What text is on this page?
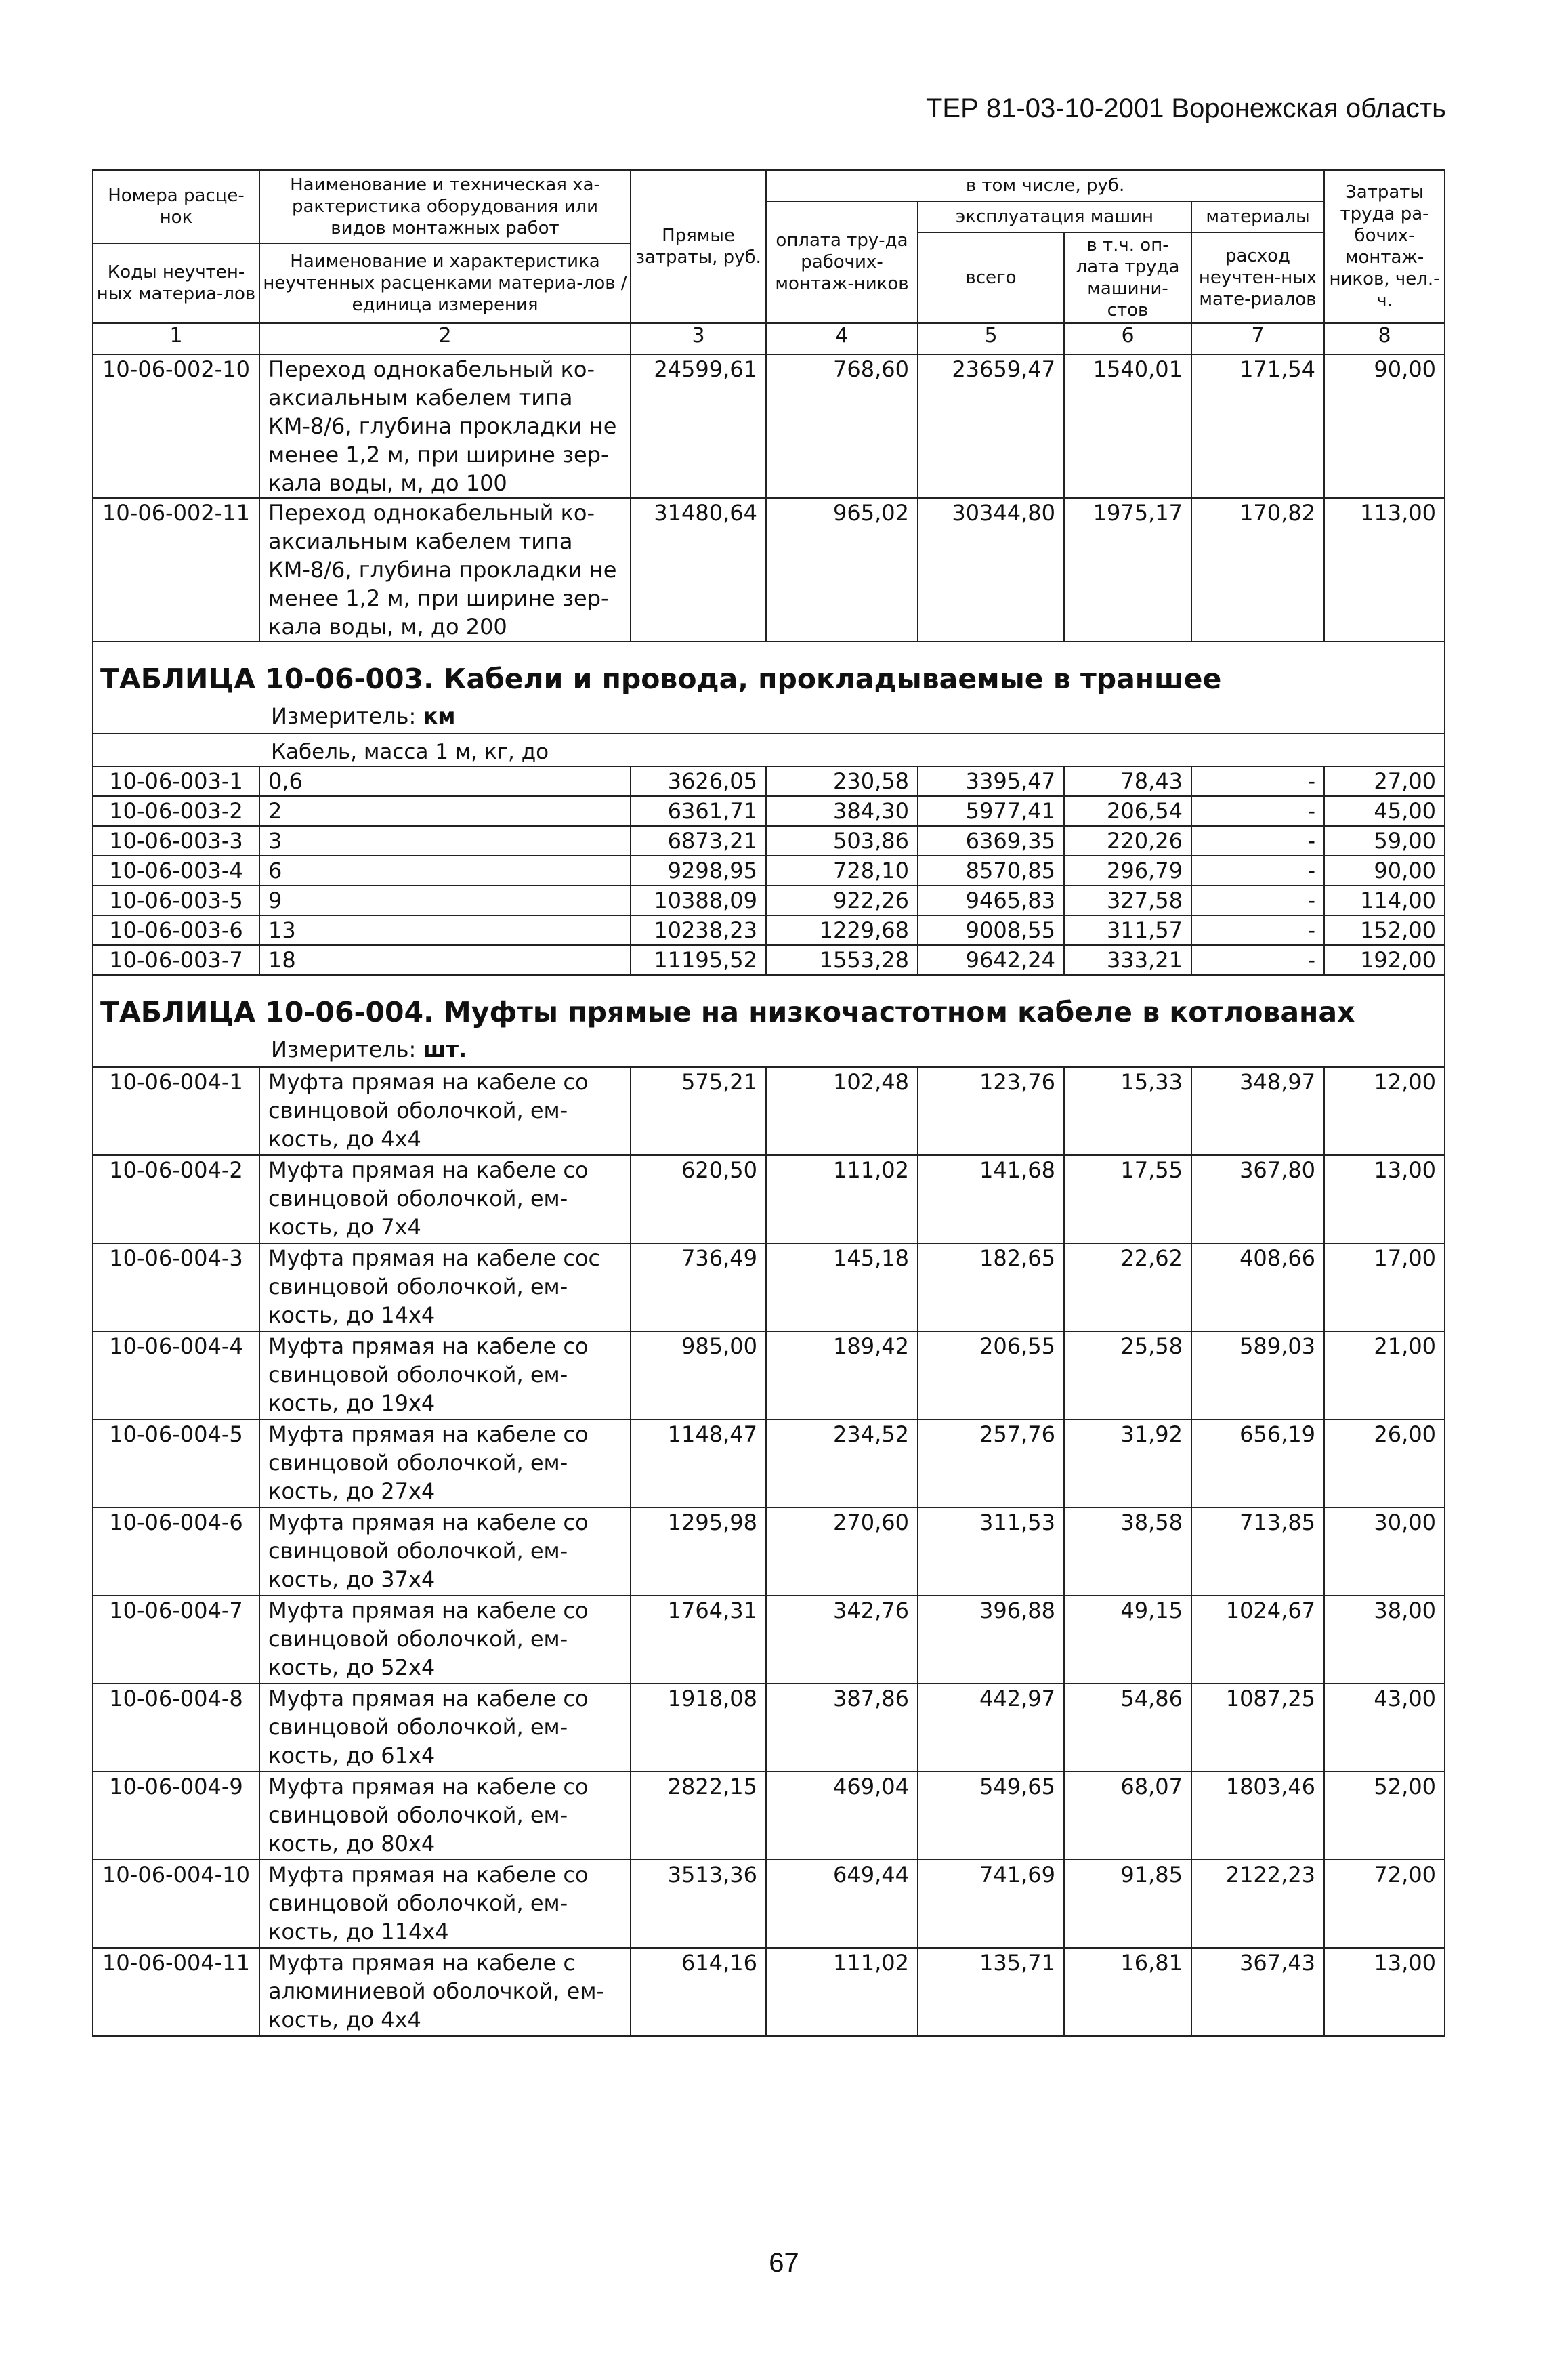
ТЕР 81-03-10-2001 Воронежская область
Номера расце-нок	Наименование и техническая ха-рактеристика оборудования или видов монтажных работ	Прямые затраты, руб.	в том числе, руб.				Затраты труда ра-бочих-монтаж-ников, чел.-ч.
			оплата тру-да рабочих-монтаж-ников	эксплуатация машин		материалы	
				всего	в т.ч. оп-лата труда машини-стов	расход неучтен-ных мате-риалов	
Коды неучтен-ных материа-лов	Наименование и характеристика неучтенных расценками материа-лов / единица измерения						

1	2	3	4	5	6	7	8
10-06-002-10	Переход однокабельный ко-аксиальным кабелем типа КМ-8/6, глубина прокладки не менее 1,2 м, при ширине зер-кала воды, м, до 100	24599,61	768,60	23659,47	1540,01	171,54	90,00
10-06-002-11	Переход однокабельный ко-аксиальным кабелем типа КМ-8/6, глубина прокладки не менее 1,2 м, при ширине зер-кала воды, м, до 200	31480,64	965,02	30344,80	1975,17	170,82	113,00
ТАБЛИЦА 10-06-003. Кабели и провода, прокладываемые в траншее							
Измеритель: км							
Кабель, масса 1 м, кг, до							
10-06-003-1	0,6	3626,05	230,58	3395,47	78,43	-	27,00
10-06-003-2	2	6361,71	384,30	5977,41	206,54	-	45,00
10-06-003-3	3	6873,21	503,86	6369,35	220,26	-	59,00
10-06-003-4	6	9298,95	728,10	8570,85	296,79	-	90,00
10-06-003-5	9	10388,09	922,26	9465,83	327,58	-	114,00
10-06-003-6	13	10238,23	1229,68	9008,55	311,57	-	152,00
10-06-003-7	18	11195,52	1553,28	9642,24	333,21	-	192,00
ТАБЛИЦА 10-06-004. Муфты прямые на низкочастотном кабеле в котлованах							
Измеритель: шт.							
10-06-004-1	Муфта прямая на кабеле со свинцовой оболочкой, ем-кость, до 4х4	575,21	102,48	123,76	15,33	348,97	12,00
10-06-004-2	Муфта прямая на кабеле со свинцовой оболочкой, ем-кость, до 7х4	620,50	111,02	141,68	17,55	367,80	13,00
10-06-004-3	Муфта прямая на кабеле сос свинцовой оболочкой, ем-кость, до 14х4	736,49	145,18	182,65	22,62	408,66	17,00
10-06-004-4	Муфта прямая на кабеле со свинцовой оболочкой, ем-кость, до 19х4	985,00	189,42	206,55	25,58	589,03	21,00
10-06-004-5	Муфта прямая на кабеле со свинцовой оболочкой, ем-кость, до 27х4	1148,47	234,52	257,76	31,92	656,19	26,00
10-06-004-6	Муфта прямая на кабеле со свинцовой оболочкой, ем-кость, до 37х4	1295,98	270,60	311,53	38,58	713,85	30,00
10-06-004-7	Муфта прямая на кабеле со свинцовой оболочкой, ем-кость, до 52х4	1764,31	342,76	396,88	49,15	1024,67	38,00
10-06-004-8	Муфта прямая на кабеле со свинцовой оболочкой, ем-кость, до 61х4	1918,08	387,86	442,97	54,86	1087,25	43,00
10-06-004-9	Муфта прямая на кабеле со свинцовой оболочкой, ем-кость, до 80х4	2822,15	469,04	549,65	68,07	1803,46	52,00
10-06-004-10	Муфта прямая на кабеле со свинцовой оболочкой, ем-кость, до 114х4	3513,36	649,44	741,69	91,85	2122,23	72,00
10-06-004-11	Муфта прямая на кабеле с алюминиевой оболочкой, ем-кость, до 4х4	614,16	111,02	135,71	16,81	367,43	13,00
67
